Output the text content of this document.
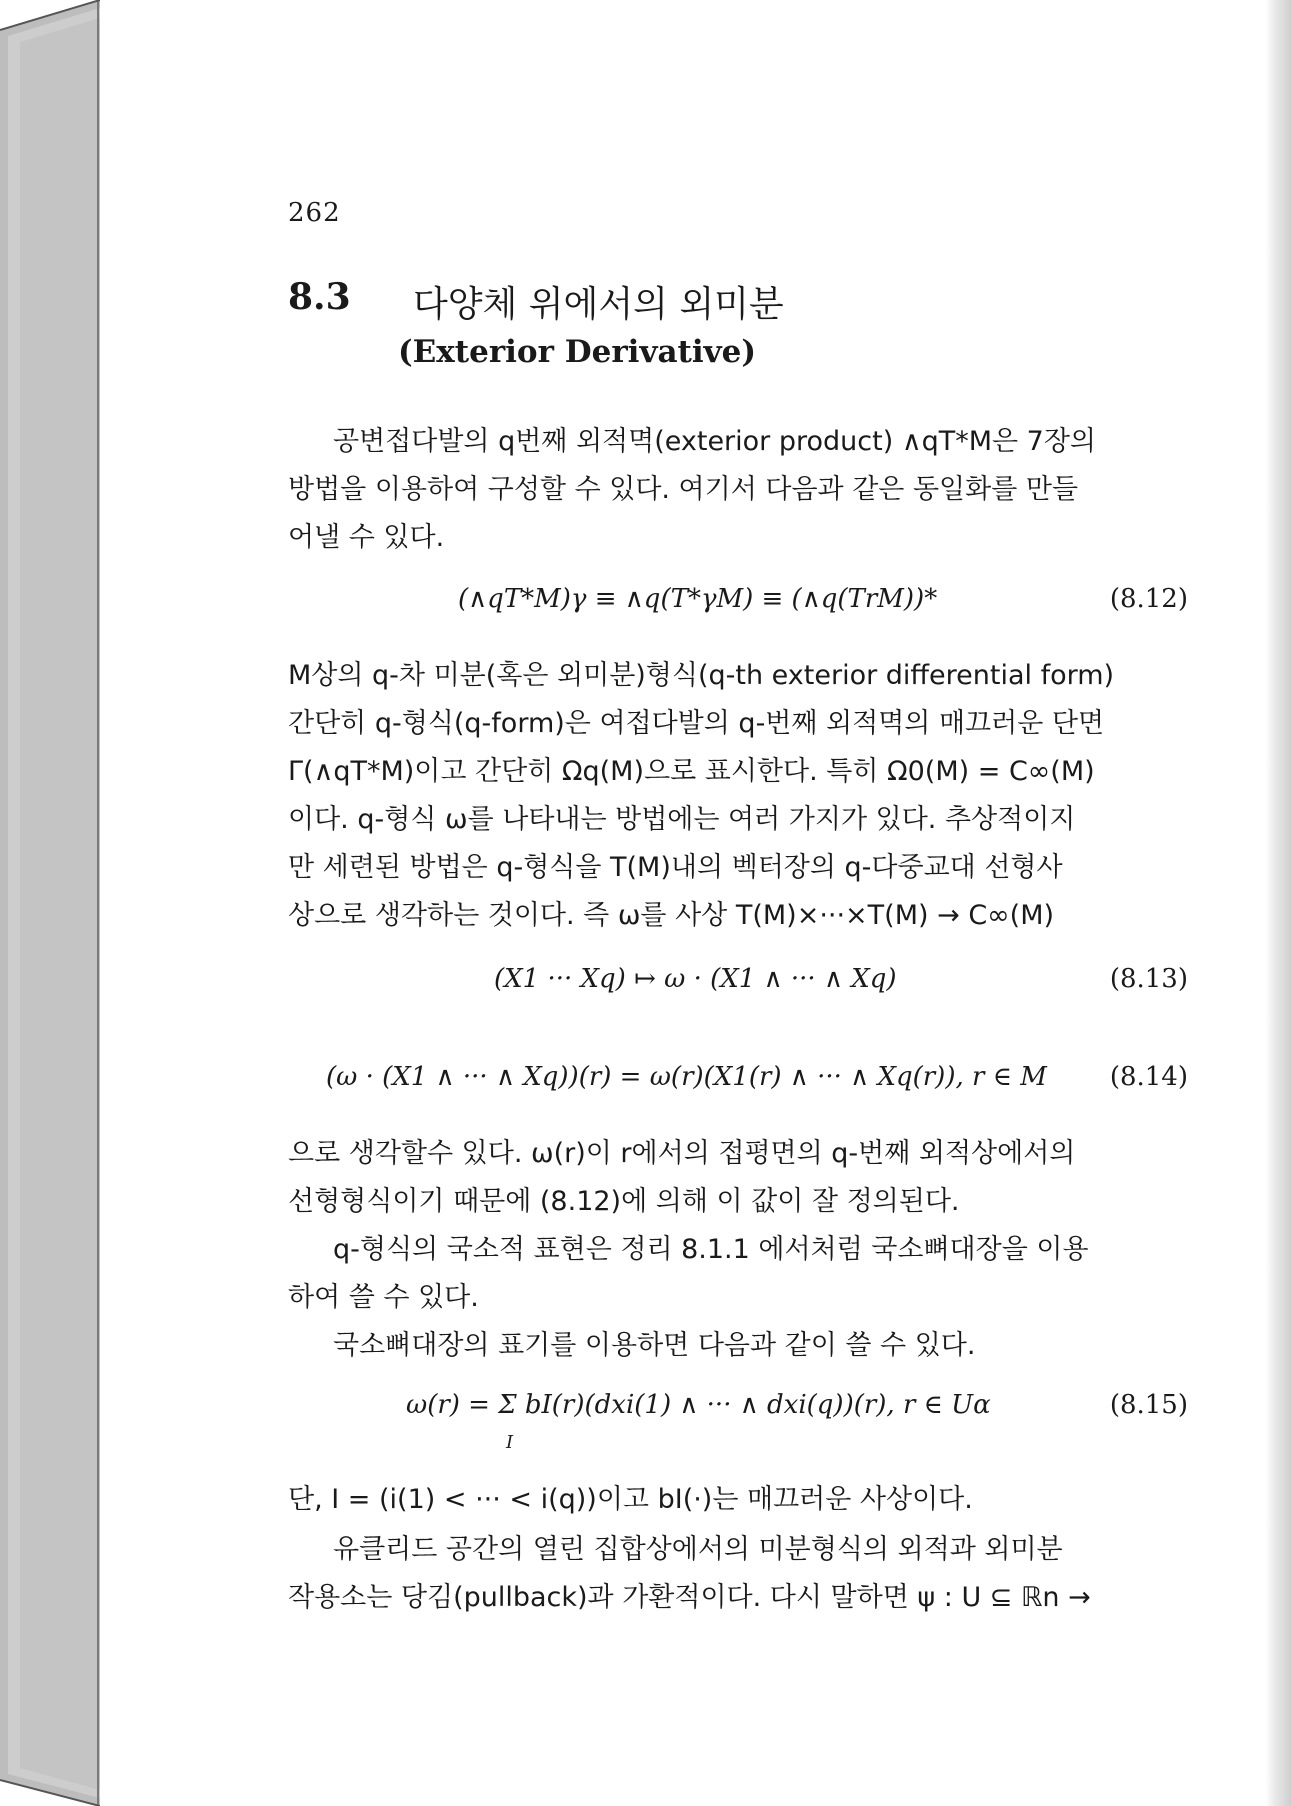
262
8.3 다양체 위에서의 외미분
(Exterior Derivative)
공변접다발의 q번째 외적멱(exterior product) ∧qT*M은 7장의
방법을 이용하여 구성할 수 있다. 여기서 다음과 같은 동일화를 만들
어낼 수 있다.
(∧qT*M)γ ≡ ∧q(T*γM) ≡ (∧q(TrM))*	(8.12)
M상의 q-차 미분(혹은 외미분)형식(q-th exterior differential form)
간단히 q-형식(q-form)은 여접다발의 q-번째 외적멱의 매끄러운 단면
Γ(∧qT*M)이고 간단히 Ωq(M)으로 표시한다. 특히 Ω0(M) = C∞(M)
이다. q-형식 ω를 나타내는 방법에는 여러 가지가 있다. 추상적이지
만 세련된 방법은 q-형식을 T(M)내의 벡터장의 q-다중교대 선형사
상으로 생각하는 것이다. 즉 ω를 사상 T(M)×···×T(M) → C∞(M)
(X1 ··· Xq) ↦ ω · (X1 ∧ ··· ∧ Xq)	(8.13)
(ω · (X1 ∧ ··· ∧ Xq))(r) = ω(r)(X1(r) ∧ ··· ∧ Xq(r)), r ∈ M (8.14)
으로 생각할수 있다. ω(r)이 r에서의 접평면의 q-번째 외적상에서의
선형형식이기 때문에 (8.12)에 의해 이 값이 잘 정의된다.
q-형식의 국소적 표현은 정리 8.1.1 에서처럼 국소뼈대장을 이용
하여 쓸 수 있다.
국소뼈대장의 표기를 이용하면 다음과 같이 쓸 수 있다.
ω(r) = Σ bI(r)(dxi(1) ∧ ··· ∧ dxi(q))(r), r ∈ Uα
I
(8.15)
단, I = (i(1) < ··· < i(q))이고 bI(·)는 매끄러운 사상이다.
유클리드 공간의 열린 집합상에서의 미분형식의 외적과 외미분
작용소는 당김(pullback)과 가환적이다. 다시 말하면 ψ : U ⊆ ℝn →
